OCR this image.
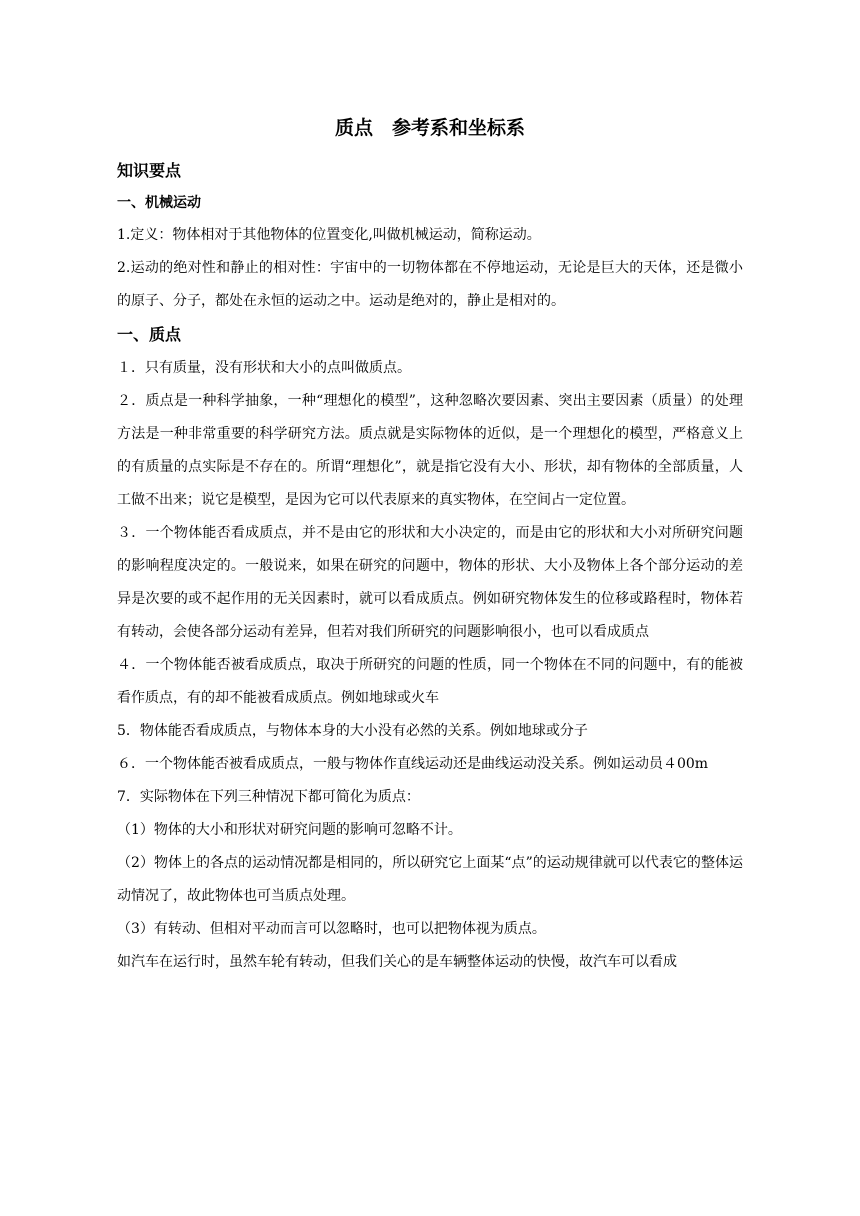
质点　参考系和坐标系
知识要点
一、机械运动

1.定义：物体相对于其他物体的位置变化,叫做机械运动，简称运动。

2.运动的绝对性和静止的相对性：宇宙中的一切物体都在不停地运动，无论是巨大的天体，还是微小的原子、分子，都处在永恒的运动之中。运动是绝对的，静止是相对的。

一、质点

１．只有质量，没有形状和大小的点叫做质点。

２．质点是一种科学抽象，一种“理想化的模型”，这种忽略次要因素、突出主要因素（质量）的处理方法是一种非常重要的科学研究方法。质点就是实际物体的近似，是一个理想化的模型，严格意义上的有质量的点实际是不存在的。所谓“理想化”，就是指它没有大小、形状，却有物体的全部质量，人工做不出来；说它是模型，是因为它可以代表原来的真实物体，在空间占一定位置。

３．一个物体能否看成质点，并不是由它的形状和大小决定的，而是由它的形状和大小对所研究问题的影响程度决定的。一般说来，如果在研究的问题中，物体的形状、大小及物体上各个部分运动的差异是次要的或不起作用的无关因素时，就可以看成质点。例如研究物体发生的位移或路程时，物体若有转动，会使各部分运动有差异，但若对我们所研究的问题影响很小，也可以看成质点

４．一个物体能否被看成质点，取决于所研究的问题的性质，同一个物体在不同的问题中，有的能被看作质点，有的却不能被看成质点。例如地球或火车

5．物体能否看成质点，与物体本身的大小没有必然的关系。例如地球或分子

６．一个物体能否被看成质点，一般与物体作直线运动还是曲线运动没关系。例如运动员４00m

7．实际物体在下列三种情况下都可简化为质点：

（1）物体的大小和形状对研究问题的影响可忽略不计。

（2）物体上的各点的运动情况都是相同的，所以研究它上面某“点”的运动规律就可以代表它的整体运动情况了，故此物体也可当质点处理。

（3）有转动、但相对平动而言可以忽略时，也可以把物体视为质点。

如汽车在运行时，虽然车轮有转动，但我们关心的是车辆整体运动的快慢，故汽车可以看成
